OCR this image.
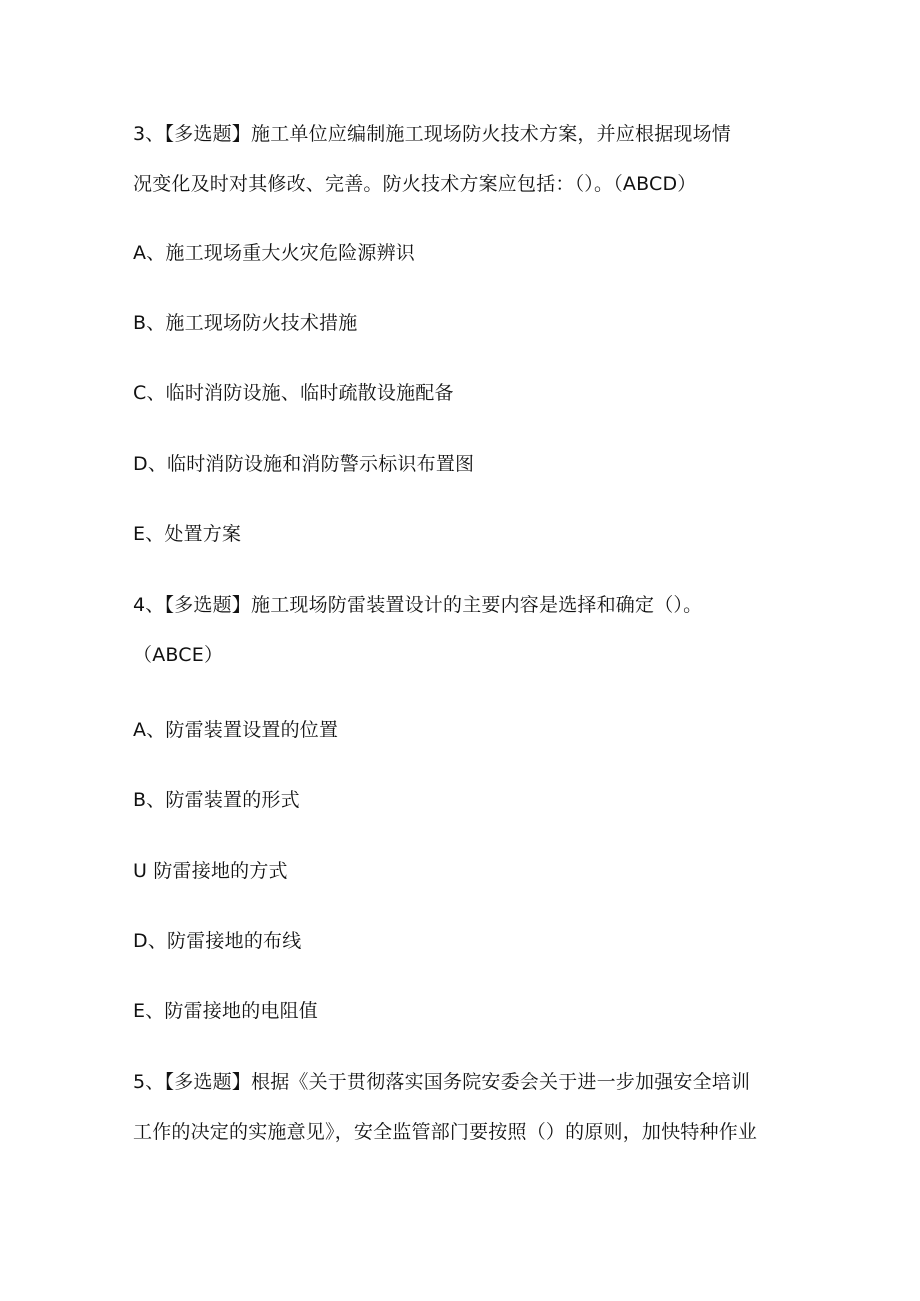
3、【多选题】施工单位应编制施工现场防火技术方案，并应根据现场情
况变化及时对其修改、完善。防火技术方案应包括：（）。（ABCD）
A、施工现场重大火灾危险源辨识
B、施工现场防火技术措施
C、临时消防设施、临时疏散设施配备
D、临时消防设施和消防警示标识布置图
E、处置方案
4、【多选题】施工现场防雷装置设计的主要内容是选择和确定（）。
（ABCE）
A、防雷装置设置的位置
B、防雷装置的形式
U 防雷接地的方式
D、防雷接地的布线
E、防雷接地的电阻值
5、【多选题】根据《关于贯彻落实国务院安委会关于进一步加强安全培训
工作的决定的实施意见》，安全监管部门要按照（）的原则，加快特种作业
